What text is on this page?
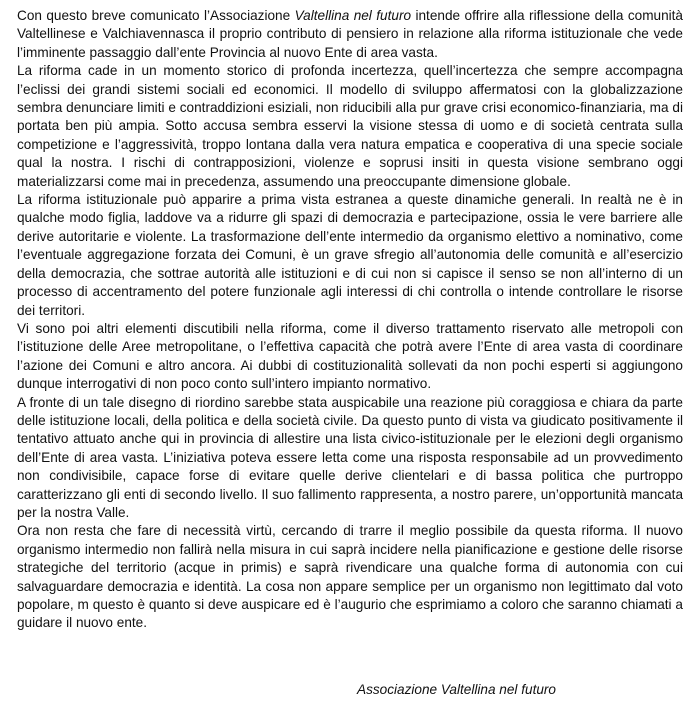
Con questo breve comunicato l’Associazione Valtellina nel futuro intende offrire alla riflessione della comunità Valtellinese e Valchiavennasca il proprio contributo di pensiero in relazione alla riforma istituzionale che vede l’imminente passaggio dall’ente Provincia al nuovo Ente di area vasta.

La riforma cade in un momento storico di profonda incertezza, quell’incertezza che sempre accompagna l’eclissi dei grandi sistemi sociali ed economici. Il modello di sviluppo affermatosi con la globalizzazione sembra denunciare limiti e contraddizioni esiziali, non riducibili alla pur grave crisi economico-finanziaria, ma di portata ben più ampia. Sotto accusa sembra esservi la visione stessa di uomo e di società centrata sulla competizione e l’aggressività, troppo lontana dalla vera natura empatica e cooperativa di una specie sociale qual la nostra. I rischi di contrapposizioni, violenze e soprusi insiti in questa visione sembrano oggi materializzarsi come mai in precedenza, assumendo una preoccupante dimensione globale.

La riforma istituzionale può apparire a prima vista estranea a queste dinamiche generali. In realtà ne è in qualche modo figlia, laddove va a ridurre gli spazi di democrazia e partecipazione, ossia le vere barriere alle derive autoritarie e violente. La trasformazione dell’ente intermedio da organismo elettivo a nominativo, come l’eventuale aggregazione forzata dei Comuni, è un grave sfregio all’autonomia delle comunità e all’esercizio della democrazia, che sottrae autorità alle istituzioni e di cui non si capisce il senso se non all’interno di un processo di accentramento del potere funzionale agli interessi di chi controlla o intende controllare le risorse dei territori.

Vi sono poi altri elementi discutibili nella riforma, come il diverso trattamento riservato alle metropoli con l’istituzione delle Aree metropolitane, o l’effettiva capacità che potrà avere l’Ente di area vasta di coordinare l’azione dei Comuni e altro ancora. Ai dubbi di costituzionalità sollevati da non pochi esperti si aggiungono dunque interrogativi di non poco conto sull’intero impianto normativo.

A fronte di un tale disegno di riordino sarebbe stata auspicabile una reazione più coraggiosa e chiara da parte delle istituzione locali, della politica e della società civile. Da questo punto di vista va giudicato positivamente il tentativo attuato anche qui in provincia di allestire una lista civico-istituzionale per le elezioni degli organismo dell’Ente di area vasta. L’iniziativa poteva essere letta come una risposta responsabile ad un provvedimento non condivisibile, capace forse di evitare quelle derive clientelari e di bassa politica che purtroppo caratterizzano gli enti di secondo livello. Il suo fallimento rappresenta, a nostro parere, un’opportunità mancata per la nostra Valle.

Ora non resta che fare di necessità virtù, cercando di trarre il meglio possibile da questa riforma. Il nuovo organismo intermedio non fallirà nella misura in cui saprà incidere nella pianificazione e gestione delle risorse strategiche del territorio (acque in primis) e saprà rivendicare una qualche forma di autonomia con cui salvaguardare democrazia e identità. La cosa non appare semplice per un organismo non legittimato dal voto popolare, m questo è quanto si deve auspicare ed è l’augurio che esprimiamo a coloro che saranno chiamati a guidare il nuovo ente.

Associazione Valtellina nel futuro
